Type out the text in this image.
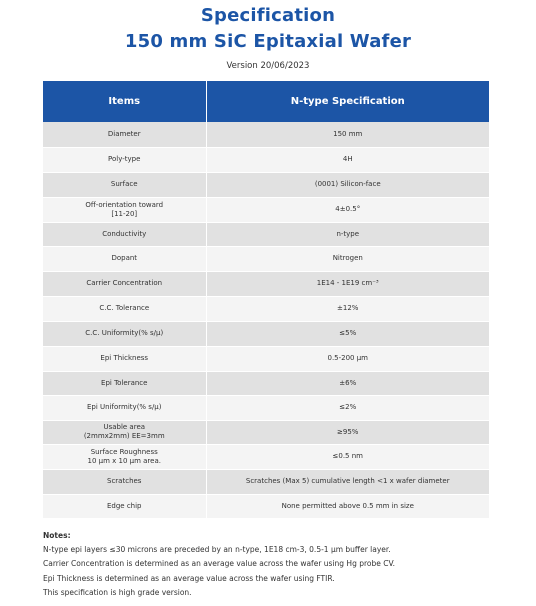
Specification
150 mm SiC Epitaxial Wafer
Version 20/06/2023
Items	N-type Specification
Diameter	150 mm
Poly-type	4H
Surface	(0001) Silicon-face
Off-orientation toward
[11-20]	4±0.5°
Conductivity	n-type
Dopant	Nitrogen
Carrier Concentration	1E14 - 1E19 cm⁻³
C.C. Tolerance	±12%
C.C. Uniformity(% s/μ)	≤5%
Epi Thickness	0.5-200 μm
Epi Tolerance	±6%
Epi Uniformity(% s/μ)	≤2%
Usable area
(2mmx2mm) EE=3mm	≥95%
Surface Roughness
10 μm x 10 μm area.	≤0.5 nm
Scratches	Scratches (Max 5) cumulative length <1 x wafer diameter
Edge chip	None permitted above 0.5 mm in size
Notes:
N-type epi layers ≤30 microns are preceded by an n-type, 1E18 cm-3, 0.5-1 μm buffer layer.
Carrier Concentration is determined as an average value across the wafer using Hg probe CV.
Epi Thickness is determined as an average value across the wafer using FTIR.
This specification is high grade version.
